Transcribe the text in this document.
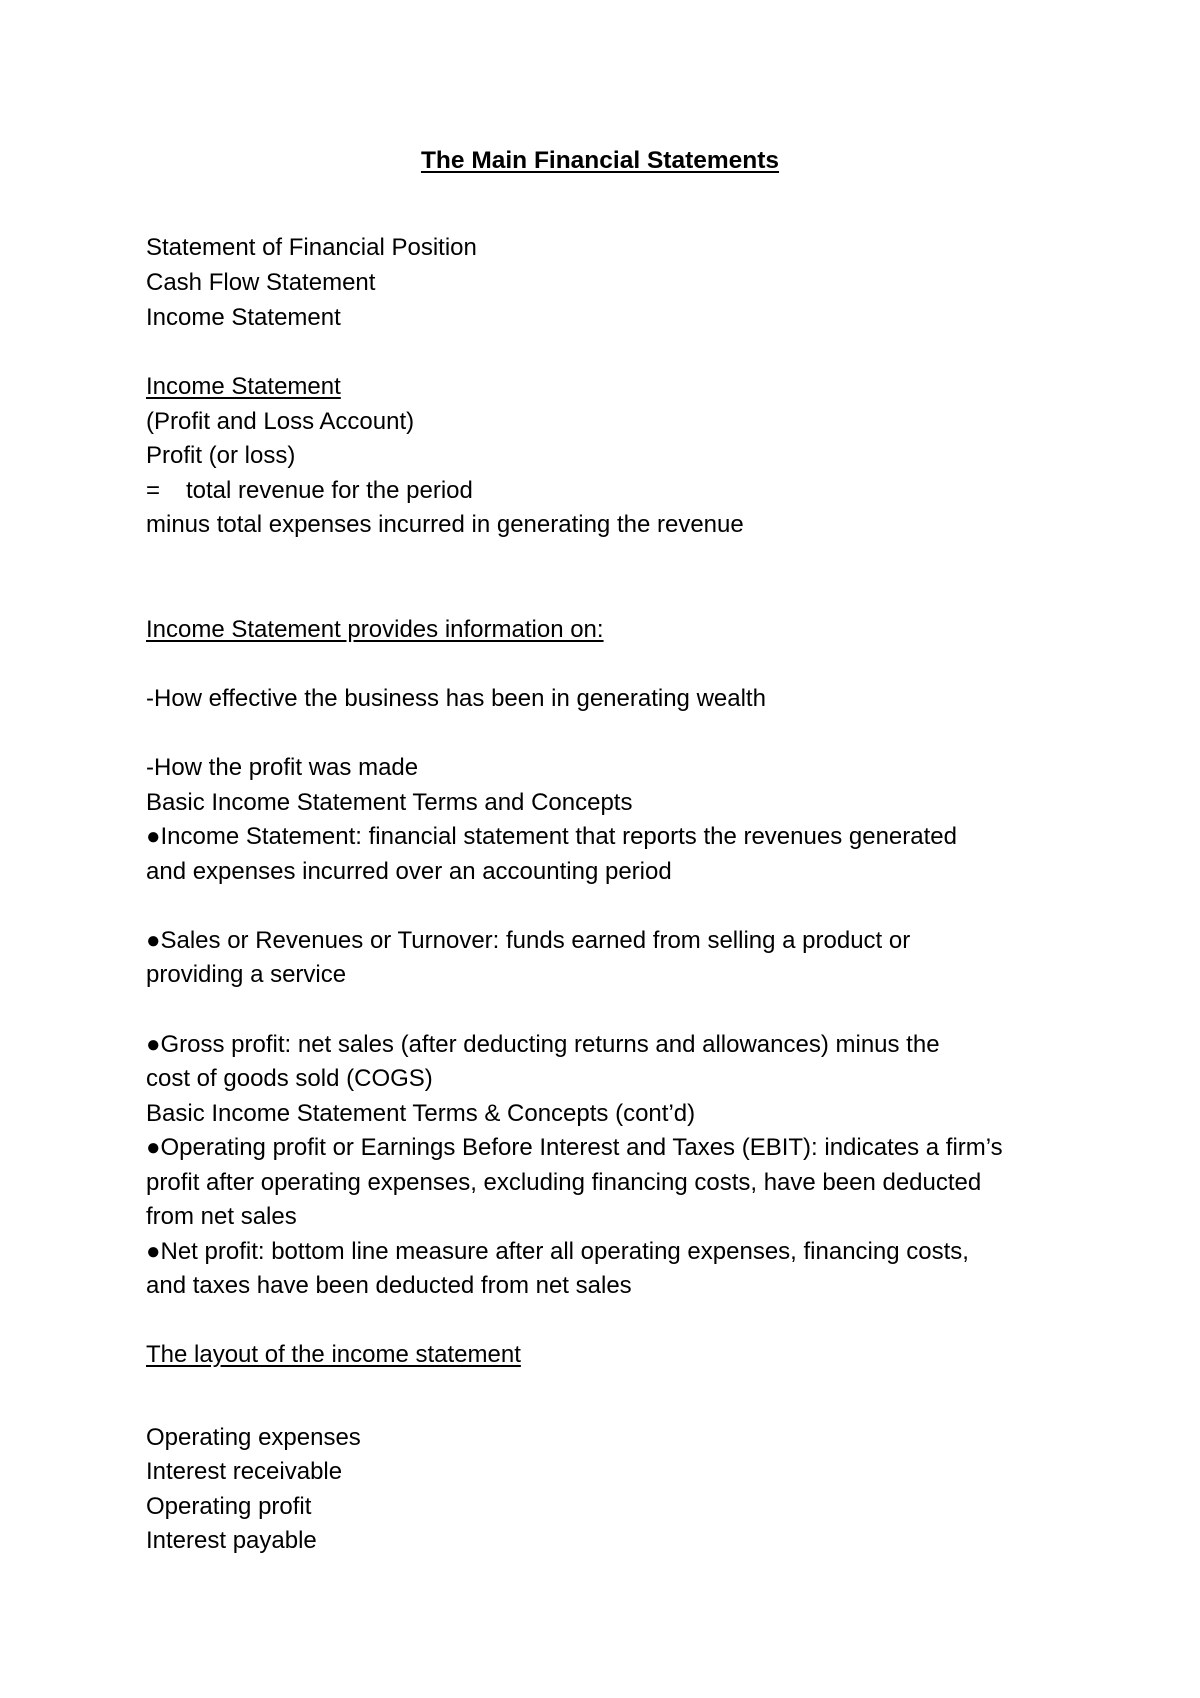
The Main Financial Statements

Statement of Financial Position

Cash Flow Statement

Income Statement

Income Statement

(Profit and Loss Account)

Profit (or loss)

= total revenue for the period

minus total expenses incurred in generating the revenue

Income Statement provides information on:

-How effective the business has been in generating wealth

-How the profit was made

Basic Income Statement Terms and Concepts

●Income Statement: financial statement that reports the revenues generated

and expenses incurred over an accounting period

●Sales or Revenues or Turnover: funds earned from selling a product or

providing a service

●Gross profit: net sales (after deducting returns and allowances) minus the

cost of goods sold (COGS)

Basic Income Statement Terms & Concepts (cont’d)

●Operating profit or Earnings Before Interest and Taxes (EBIT): indicates a firm’s

profit after operating expenses, excluding financing costs, have been deducted

from net sales

●Net profit: bottom line measure after all operating expenses, financing costs,

and taxes have been deducted from net sales

The layout of the income statement

Operating expenses

Interest receivable

Operating profit

Interest payable
